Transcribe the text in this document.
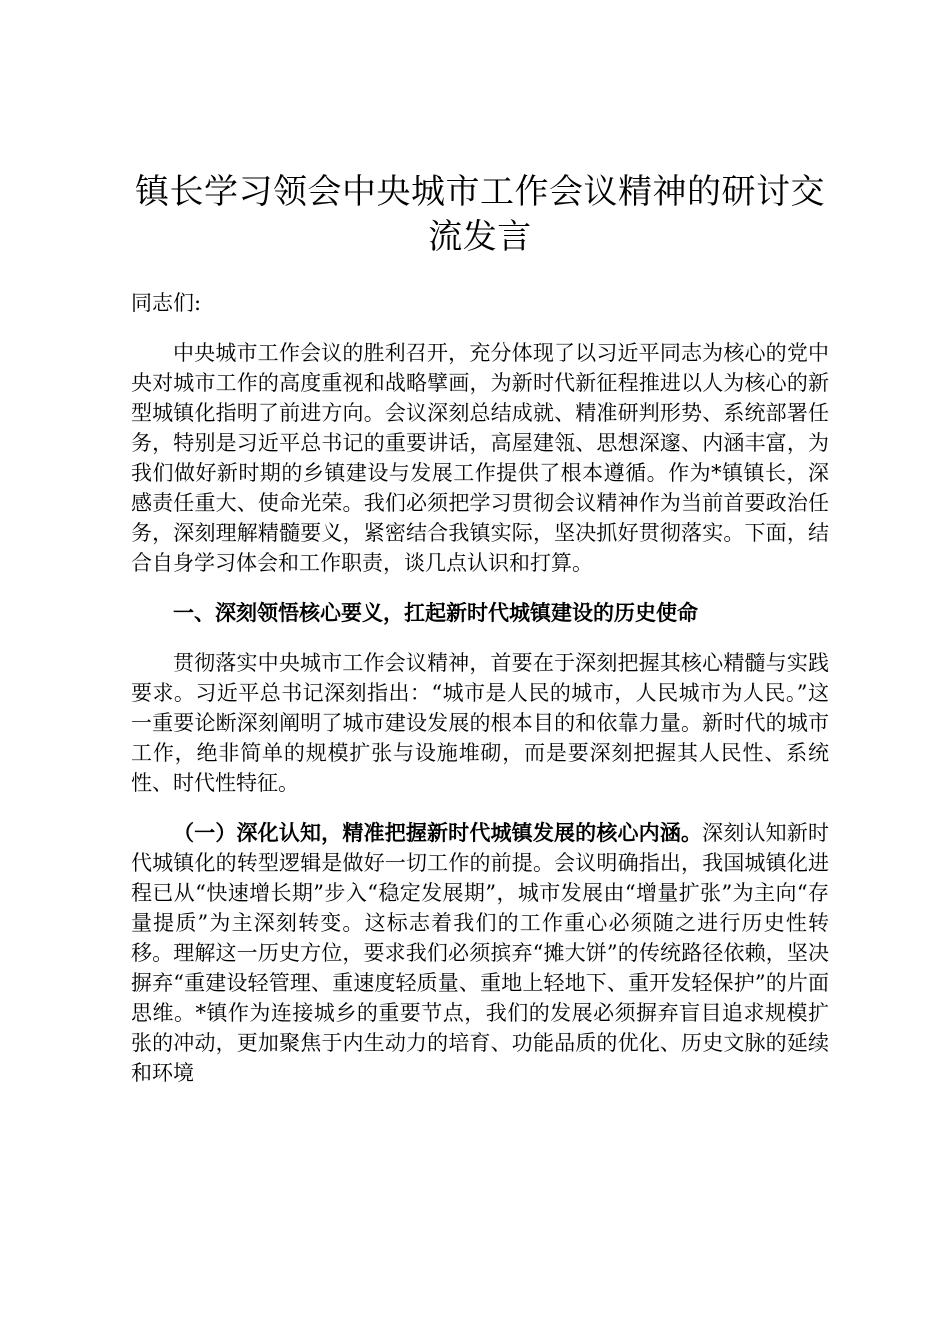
镇长学习领会中央城市工作会议精神的研讨交流发言

同志们:

中央城市工作会议的胜利召开，充分体现了以习近平同志为核心的党中央对城市工作的高度重视和战略擘画，为新时代新征程推进以人为核心的新型城镇化指明了前进方向。会议深刻总结成就、精准研判形势、系统部署任务，特别是习近平总书记的重要讲话，高屋建瓴、思想深邃、内涵丰富，为我们做好新时期的乡镇建设与发展工作提供了根本遵循。作为*镇镇长，深感责任重大、使命光荣。我们必须把学习贯彻会议精神作为当前首要政治任务，深刻理解精髓要义，紧密结合我镇实际，坚决抓好贯彻落实。下面，结合自身学习体会和工作职责，谈几点认识和打算。

一、深刻领悟核心要义，扛起新时代城镇建设的历史使命

贯彻落实中央城市工作会议精神，首要在于深刻把握其核心精髓与实践要求。习近平总书记深刻指出：“城市是人民的城市，人民城市为人民。”这一重要论断深刻阐明了城市建设发展的根本目的和依靠力量。新时代的城市工作，绝非简单的规模扩张与设施堆砌，而是要深刻把握其人民性、系统性、时代性特征。

（一）深化认知，精准把握新时代城镇发展的核心内涵。深刻认知新时代城镇化的转型逻辑是做好一切工作的前提。会议明确指出，我国城镇化进程已从“快速增长期”步入“稳定发展期”，城市发展由“增量扩张”为主向“存量提质”为主深刻转变。这标志着我们的工作重心必须随之进行历史性转移。理解这一历史方位，要求我们必须摈弃“摊大饼”的传统路径依赖，坚决摒弃“重建设轻管理、重速度轻质量、重地上轻地下、重开发轻保护”的片面思维。*镇作为连接城乡的重要节点，我们的发展必须摒弃盲目追求规模扩张的冲动，更加聚焦于内生动力的培育、功能品质的优化、历史文脉的延续和环境
